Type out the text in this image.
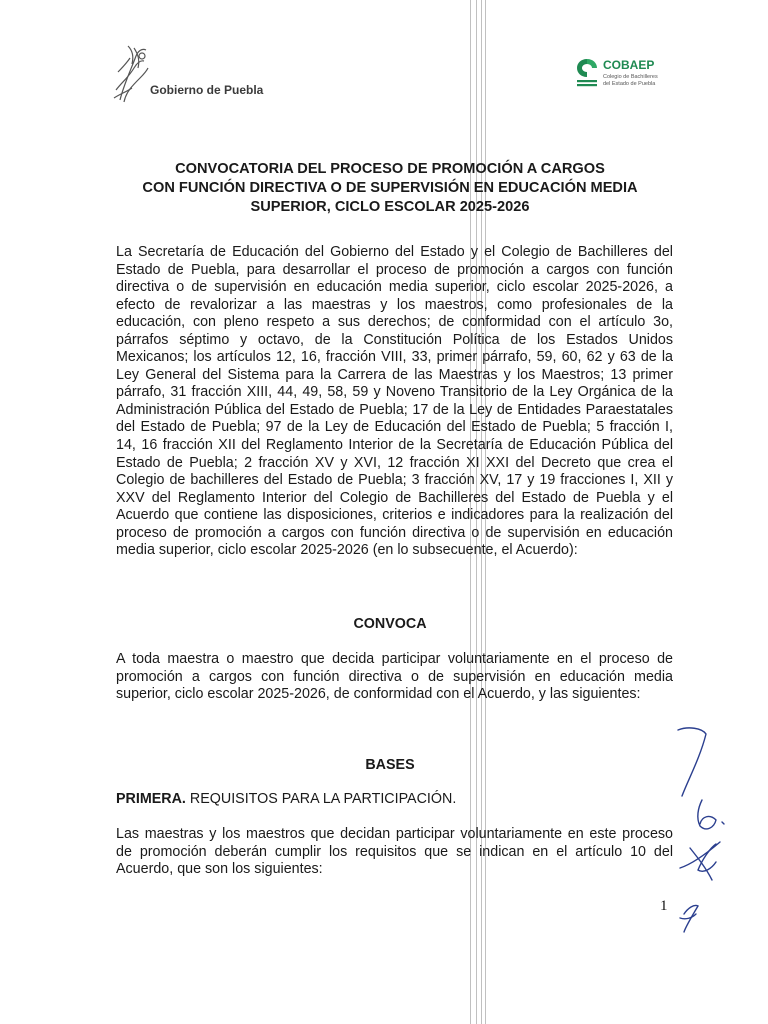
Gobierno de Puebla
COBAEP
Colegio de Bachilleres
del Estado de Puebla
CONVOCATORIA DEL PROCESO DE PROMOCIÓN A CARGOS
CON FUNCIÓN DIRECTIVA O DE SUPERVISIÓN EN EDUCACIÓN MEDIA
SUPERIOR, CICLO ESCOLAR 2025-2026

La Secretaría de Educación del Gobierno del Estado y el Colegio de Bachilleres del Estado de Puebla, para desarrollar el proceso de promoción a cargos con función directiva o de supervisión en educación media superior, ciclo escolar 2025-2026, a efecto de revalorizar a las maestras y los maestros, como profesionales de la educación, con pleno respeto a sus derechos; de conformidad con el artículo 3o, párrafos séptimo y octavo, de la Constitución Política de los Estados Unidos Mexicanos; los artículos 12, 16, fracción VIII, 33, primer párrafo, 59, 60, 62 y 63 de la Ley General del Sistema para la Carrera de las Maestras y los Maestros; 13 primer párrafo, 31 fracción XIII, 44, 49, 58, 59 y Noveno Transitorio de la Ley Orgánica de la Administración Pública del Estado de Puebla; 17 de la Ley de Entidades Paraestatales del Estado de Puebla; 97 de la Ley de Educación del Estado de Puebla; 5 fracción I, 14, 16 fracción XII del Reglamento Interior de la Secretaría de Educación Pública del Estado de Puebla; 2 fracción XV y XVI, 12 fracción XI XXI del Decreto que crea el Colegio de bachilleres del Estado de Puebla; 3 fracción XV, 17 y 19 fracciones I, XII y XXV del Reglamento Interior del Colegio de Bachilleres del Estado de Puebla y el Acuerdo que contiene las disposiciones, criterios e indicadores para la realización del proceso de promoción a cargos con función directiva o de supervisión en educación media superior, ciclo escolar 2025-2026 (en lo subsecuente, el Acuerdo):

CONVOCA

A toda maestra o maestro que decida participar voluntariamente en el proceso de promoción a cargos con función directiva o de supervisión en educación media superior, ciclo escolar 2025-2026, de conformidad con el Acuerdo, y las siguientes:

BASES
PRIMERA. REQUISITOS PARA LA PARTICIPACIÓN.

Las maestras y los maestros que decidan participar voluntariamente en este proceso de promoción deberán cumplir los requisitos que se indican en el artículo 10 del Acuerdo, que son los siguientes:

1
